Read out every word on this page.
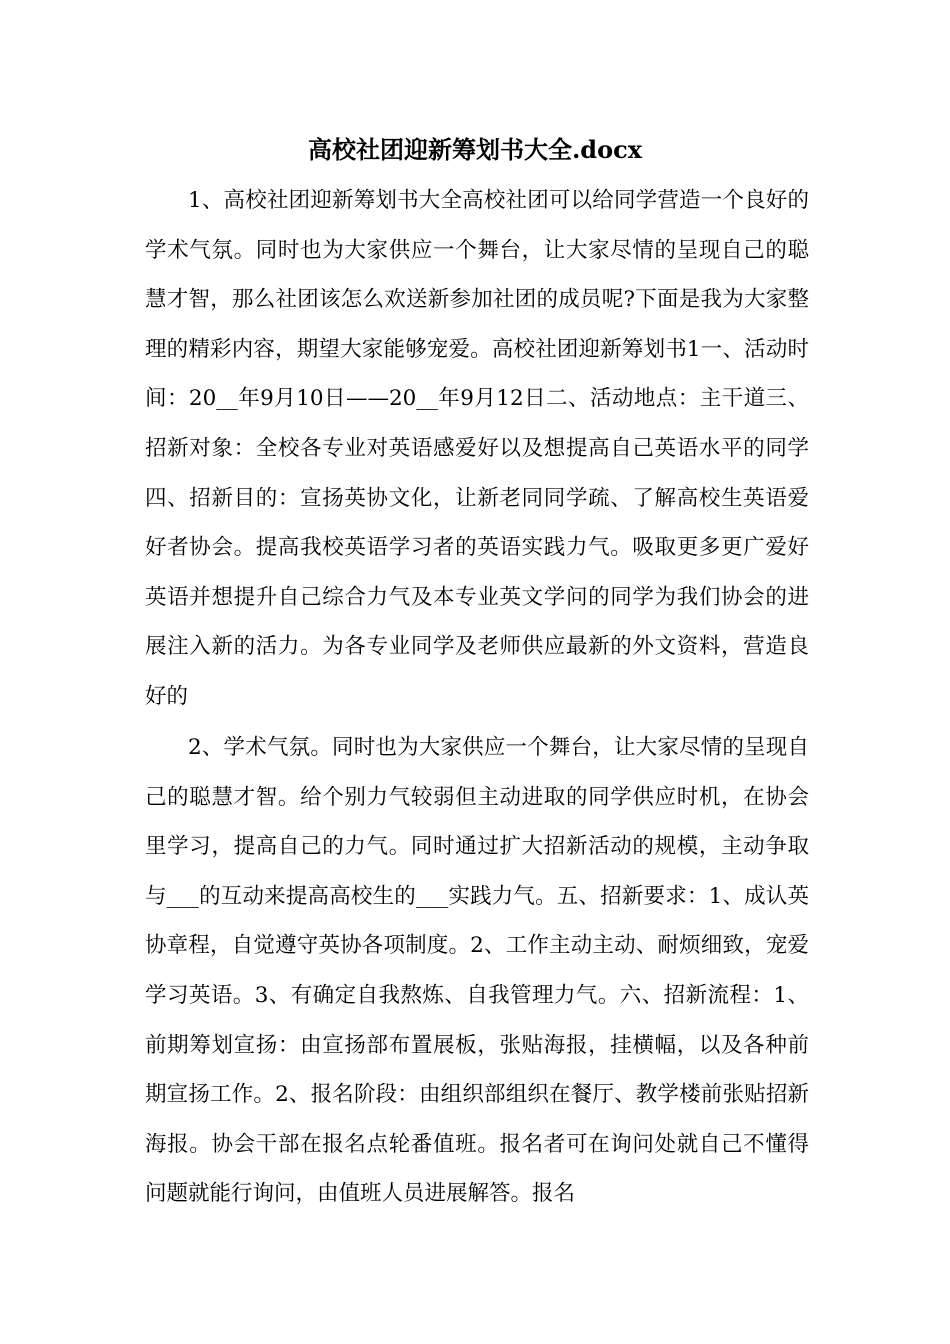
高校社团迎新筹划书大全.docx

1、高校社团迎新筹划书大全高校社团可以给同学营造一个良好的学术气氛。同时也为大家供应一个舞台，让大家尽情的呈现自己的聪慧才智，那么社团该怎么欢送新参加社团的成员呢?下面是我为大家整理的精彩内容，期望大家能够宠爱。高校社团迎新筹划书1一、活动时间：20__年9月10日——20__年9月12日二、活动地点：主干道三、招新对象：全校各专业对英语感爱好以及想提高自己英语水平的同学四、招新目的：宣扬英协文化，让新老同同学疏、了解高校生英语爱好者协会。提高我校英语学习者的英语实践力气。吸取更多更广爱好英语并想提升自己综合力气及本专业英文学问的同学为我们协会的进展注入新的活力。为各专业同学及老师供应最新的外文资料，营造良好的

2、学术气氛。同时也为大家供应一个舞台，让大家尽情的呈现自己的聪慧才智。给个别力气较弱但主动进取的同学供应时机，在协会里学习，提高自己的力气。同时通过扩大招新活动的规模，主动争取与___的互动来提高高校生的___实践力气。五、招新要求：1、成认英协章程，自觉遵守英协各项制度。2、工作主动主动、耐烦细致，宠爱学习英语。3、有确定自我熬炼、自我管理力气。六、招新流程：1、前期筹划宣扬：由宣扬部布置展板，张贴海报，挂横幅，以及各种前期宣扬工作。2、报名阶段：由组织部组织在餐厅、教学楼前张贴招新海报。协会干部在报名点轮番值班。报名者可在询问处就自己不懂得问题就能行询问，由值班人员进展解答。报名
